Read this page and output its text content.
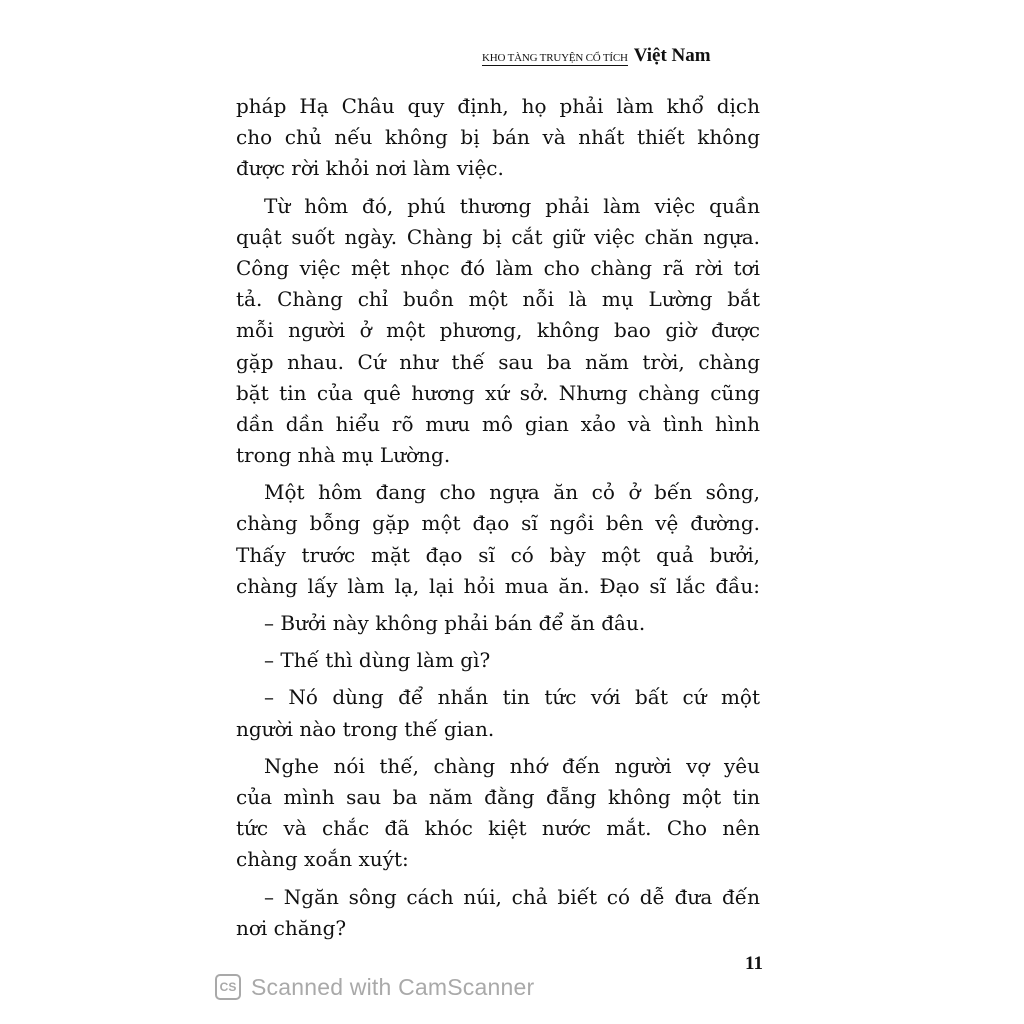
KHO TÀNG TRUYỆN CỔ TÍCH Việt Nam

pháp Hạ Châu quy định, họ phải làm khổ dịch
cho chủ nếu không bị bán và nhất thiết không
được rời khỏi nơi làm việc.

Từ hôm đó, phú thương phải làm việc quần
quật suốt ngày. Chàng bị cắt giữ việc chăn ngựa.
Công việc mệt nhọc đó làm cho chàng rã rời tơi
tả. Chàng chỉ buồn một nỗi là mụ Lường bắt
mỗi người ở một phương, không bao giờ được
gặp nhau. Cứ như thế sau ba năm trời, chàng
bặt tin của quê hương xứ sở. Nhưng chàng cũng
dần dần hiểu rõ mưu mô gian xảo và tình hình
trong nhà mụ Lường.

Một hôm đang cho ngựa ăn cỏ ở bến sông,
chàng bỗng gặp một đạo sĩ ngồi bên vệ đường.
Thấy trước mặt đạo sĩ có bày một quả bưởi,
chàng lấy làm lạ, lại hỏi mua ăn. Đạo sĩ lắc đầu:

– Bưởi này không phải bán để ăn đâu.

– Thế thì dùng làm gì?

– Nó dùng để nhắn tin tức với bất cứ một
người nào trong thế gian.

Nghe nói thế, chàng nhớ đến người vợ yêu
của mình sau ba năm đằng đẵng không một tin
tức và chắc đã khóc kiệt nước mắt. Cho nên
chàng xoắn xuýt:

– Ngăn sông cách núi, chả biết có dễ đưa đến
nơi chăng?

11
CS Scanned with CamScanner
